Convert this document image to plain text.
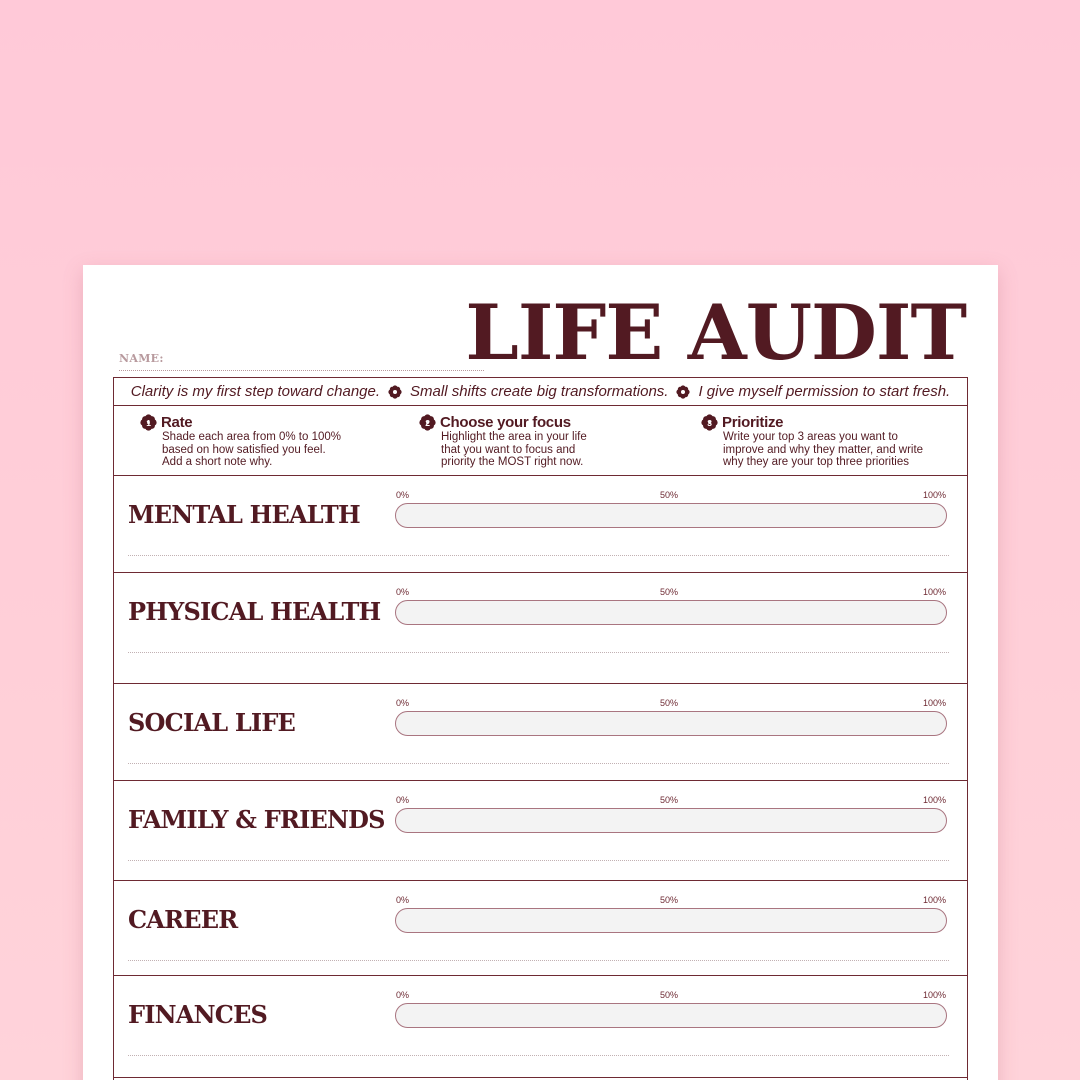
NAME:	LIFE AUDIT
Clarity is my first step toward change. Small shifts create big transformations. I give myself permission to start fresh.
1 Rate
Shade each area from 0% to 100% based on how satisfied you feel. Add a short note why.
2 Choose your focus
Highlight the area in your life that you want to focus and priority the MOST right now.
3 Prioritize
Write your top 3 areas you want to improve and why they matter, and write why they are your top three priorities
MENTAL HEALTH
0%	50%	100%
PHYSICAL HEALTH
0%	50%	100%
SOCIAL LIFE
0%	50%	100%
FAMILY & FRIENDS
0%	50%	100%
CAREER
0%	50%	100%
FINANCES
0%	50%	100%
